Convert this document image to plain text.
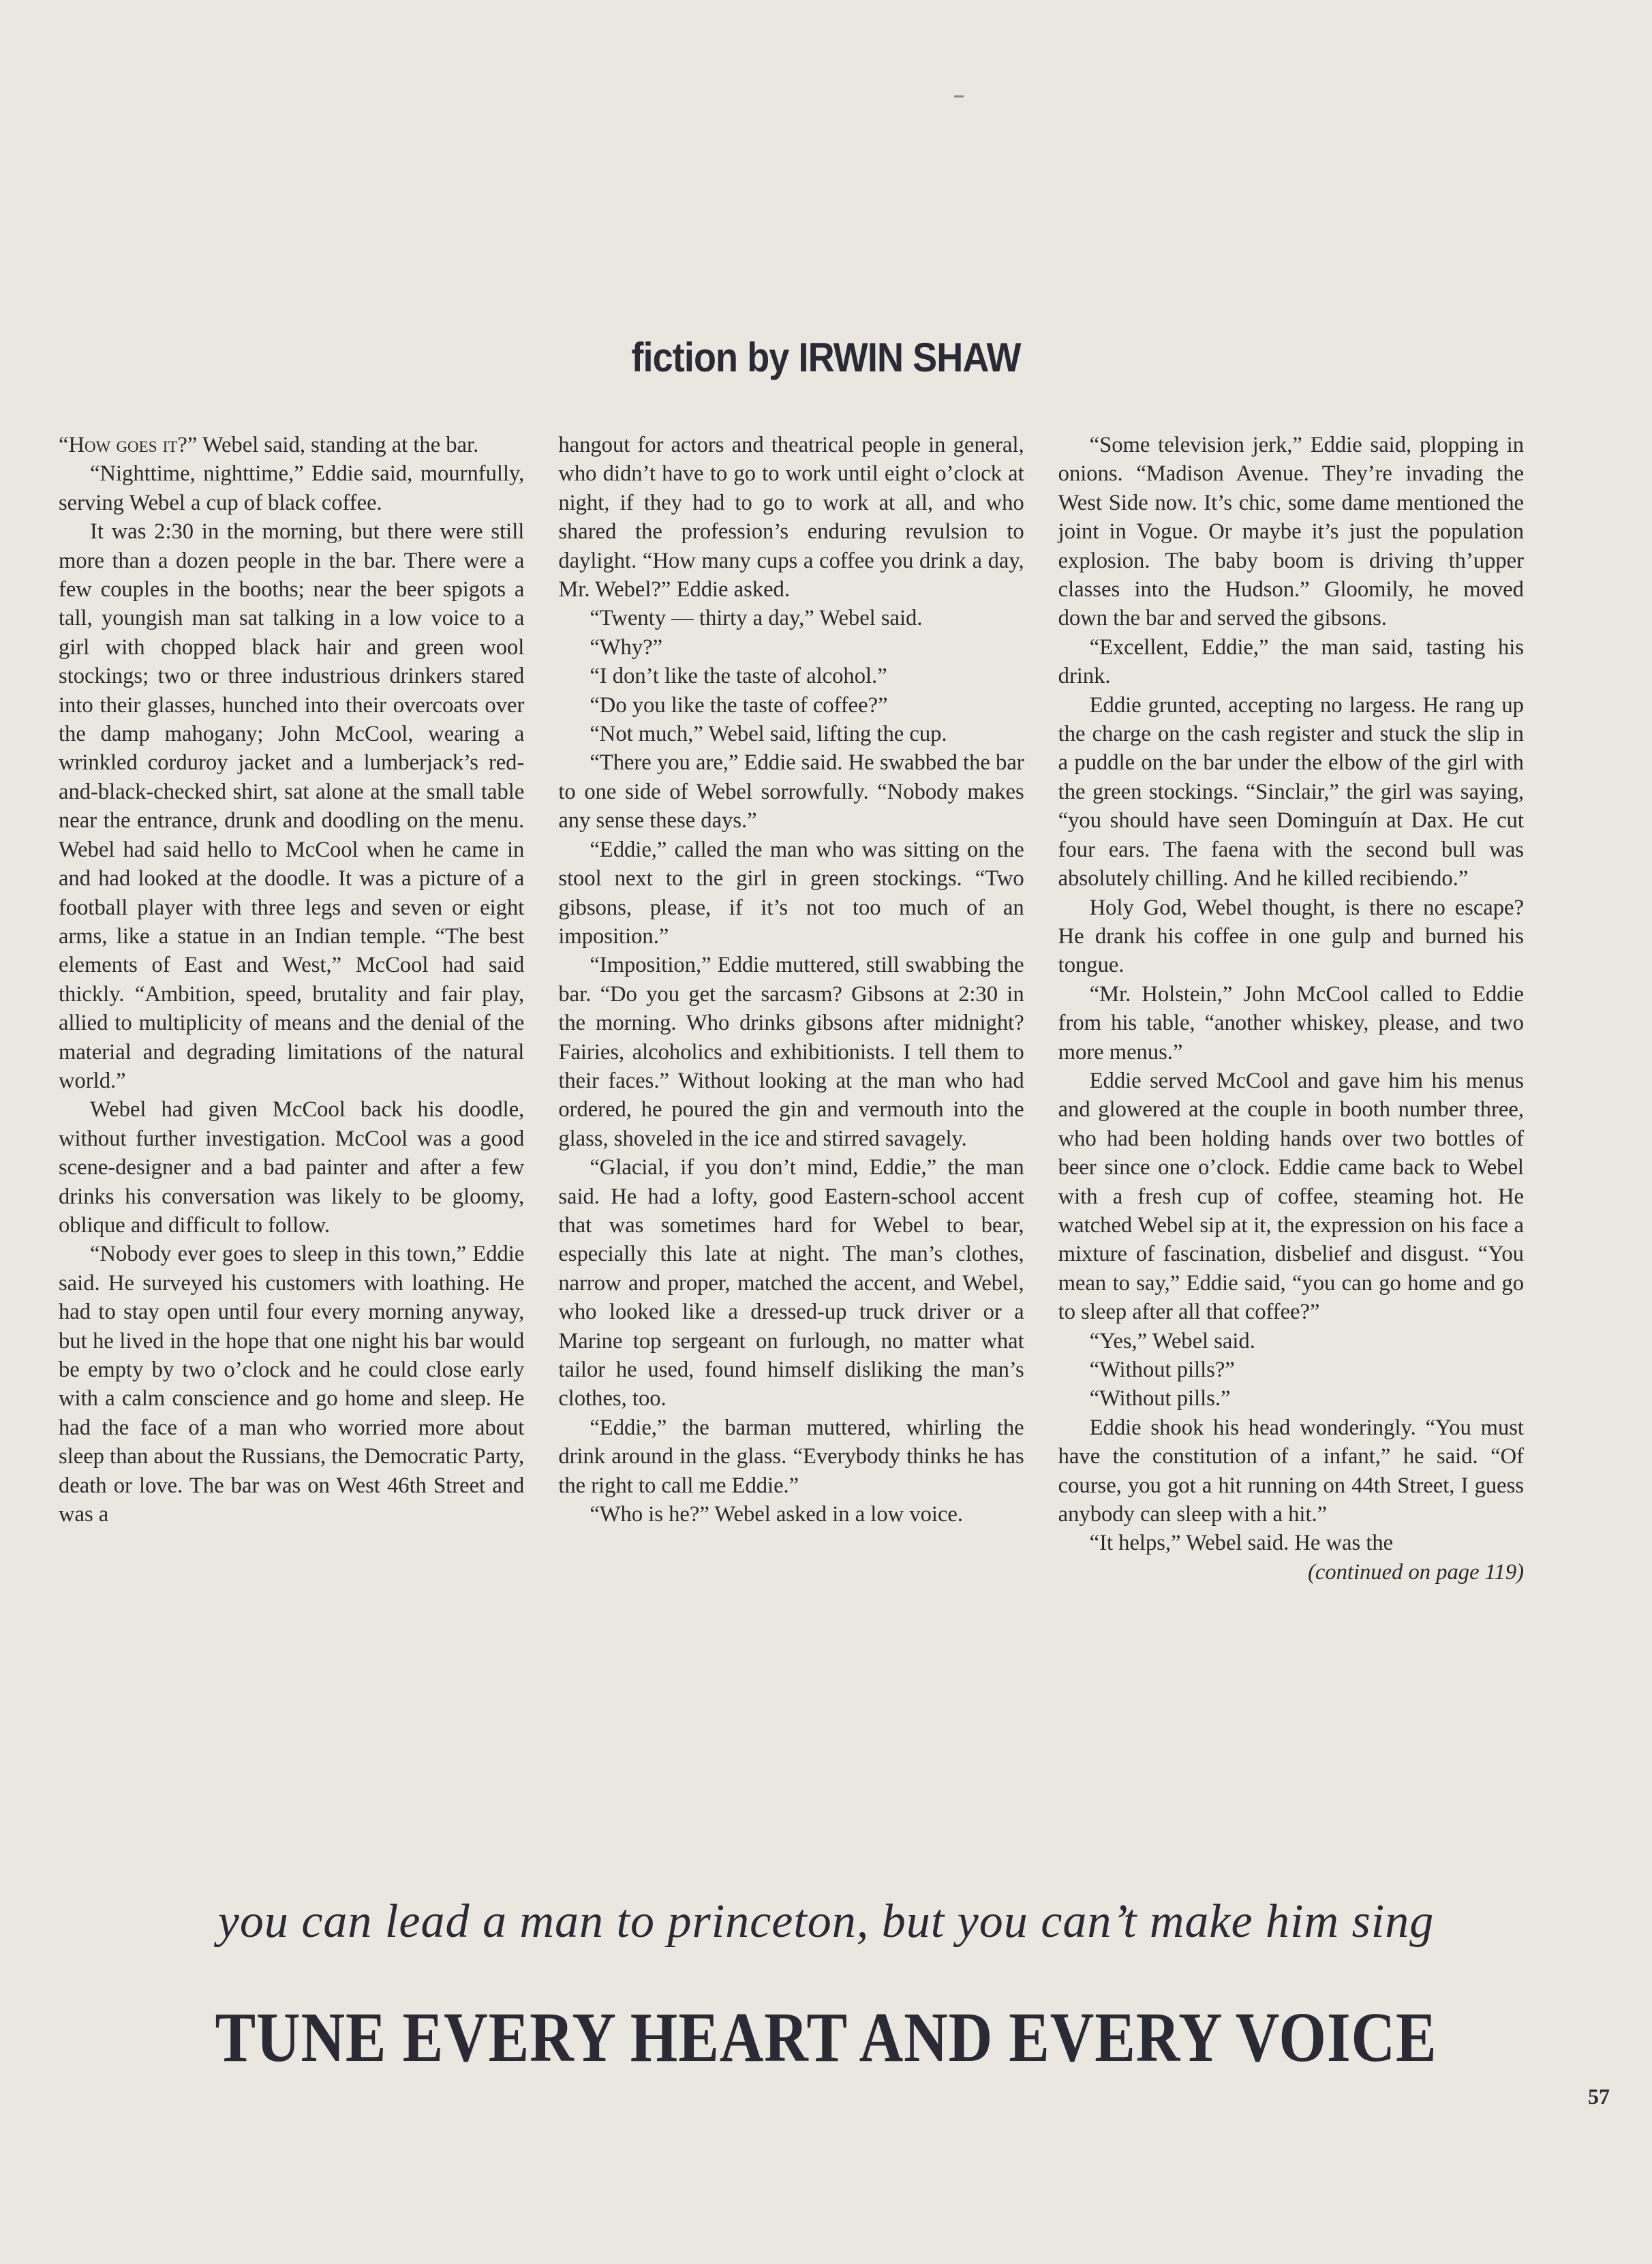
fiction by IRWIN SHAW

“How goes it?” Webel said, standing at the bar.

“Nighttime, nighttime,” Eddie said, mournfully, serving Webel a cup of black coffee.

It was 2:30 in the morning, but there were still more than a dozen people in the bar. There were a few couples in the booths; near the beer spigots a tall, youngish man sat talking in a low voice to a girl with chopped black hair and green wool stockings; two or three industrious drinkers stared into their glasses, hunched into their overcoats over the damp mahogany; John McCool, wearing a wrinkled corduroy jacket and a lumberjack’s red-and-black-checked shirt, sat alone at the small table near the entrance, drunk and doodling on the menu. Webel had said hello to McCool when he came in and had looked at the doodle. It was a picture of a football player with three legs and seven or eight arms, like a statue in an Indian temple. “The best elements of East and West,” McCool had said thickly. “Ambition, speed, brutality and fair play, allied to multiplicity of means and the denial of the material and degrading limitations of the natural world.”

Webel had given McCool back his doodle, without further investigation. McCool was a good scene-designer and a bad painter and after a few drinks his conversation was likely to be gloomy, oblique and difficult to follow.

“Nobody ever goes to sleep in this town,” Eddie said. He surveyed his customers with loathing. He had to stay open until four every morning anyway, but he lived in the hope that one night his bar would be empty by two o’clock and he could close early with a calm conscience and go home and sleep. He had the face of a man who worried more about sleep than about the Russians, the Democratic Party, death or love. The bar was on West 46th Street and was a

hangout for actors and theatrical people in general, who didn’t have to go to work until eight o’clock at night, if they had to go to work at all, and who shared the profession’s enduring revulsion to daylight. “How many cups a coffee you drink a day, Mr. Webel?” Eddie asked.

“Twenty — thirty a day,” Webel said.

“Why?”

“I don’t like the taste of alcohol.”

“Do you like the taste of coffee?”

“Not much,” Webel said, lifting the cup.

“There you are,” Eddie said. He swabbed the bar to one side of Webel sorrowfully. “Nobody makes any sense these days.”

“Eddie,” called the man who was sitting on the stool next to the girl in green stockings. “Two gibsons, please, if it’s not too much of an imposition.”

“Imposition,” Eddie muttered, still swabbing the bar. “Do you get the sarcasm? Gibsons at 2:30 in the morning. Who drinks gibsons after midnight? Fairies, alcoholics and exhibitionists. I tell them to their faces.” Without looking at the man who had ordered, he poured the gin and vermouth into the glass, shoveled in the ice and stirred savagely.

“Glacial, if you don’t mind, Eddie,” the man said. He had a lofty, good Eastern-school accent that was sometimes hard for Webel to bear, especially this late at night. The man’s clothes, narrow and proper, matched the accent, and Webel, who looked like a dressed-up truck driver or a Marine top sergeant on furlough, no matter what tailor he used, found himself disliking the man’s clothes, too.

“Eddie,” the barman muttered, whirling the drink around in the glass. “Everybody thinks he has the right to call me Eddie.”

“Who is he?” Webel asked in a low voice.

“Some television jerk,” Eddie said, plopping in onions. “Madison Avenue. They’re invading the West Side now. It’s chic, some dame mentioned the joint in Vogue. Or maybe it’s just the population explosion. The baby boom is driving th’upper classes into the Hudson.” Gloomily, he moved down the bar and served the gibsons.

“Excellent, Eddie,” the man said, tasting his drink.

Eddie grunted, accepting no largess. He rang up the charge on the cash register and stuck the slip in a puddle on the bar under the elbow of the girl with the green stockings. “Sinclair,” the girl was saying, “you should have seen Dominguín at Dax. He cut four ears. The faena with the second bull was absolutely chilling. And he killed recibiendo.”

Holy God, Webel thought, is there no escape? He drank his coffee in one gulp and burned his tongue.

“Mr. Holstein,” John McCool called to Eddie from his table, “another whiskey, please, and two more menus.”

Eddie served McCool and gave him his menus and glowered at the couple in booth number three, who had been holding hands over two bottles of beer since one o’clock. Eddie came back to Webel with a fresh cup of coffee, steaming hot. He watched Webel sip at it, the expression on his face a mixture of fascination, disbelief and disgust. “You mean to say,” Eddie said, “you can go home and go to sleep after all that coffee?”

“Yes,” Webel said.

“Without pills?”

“Without pills.”

Eddie shook his head wonderingly. “You must have the constitution of a infant,” he said. “Of course, you got a hit running on 44th Street, I guess anybody can sleep with a hit.”

“It helps,” Webel said. He was the

(continued on page 119)

you can lead a man to princeton, but you can’t make him sing
TUNE EVERY HEART AND EVERY VOICE
57
